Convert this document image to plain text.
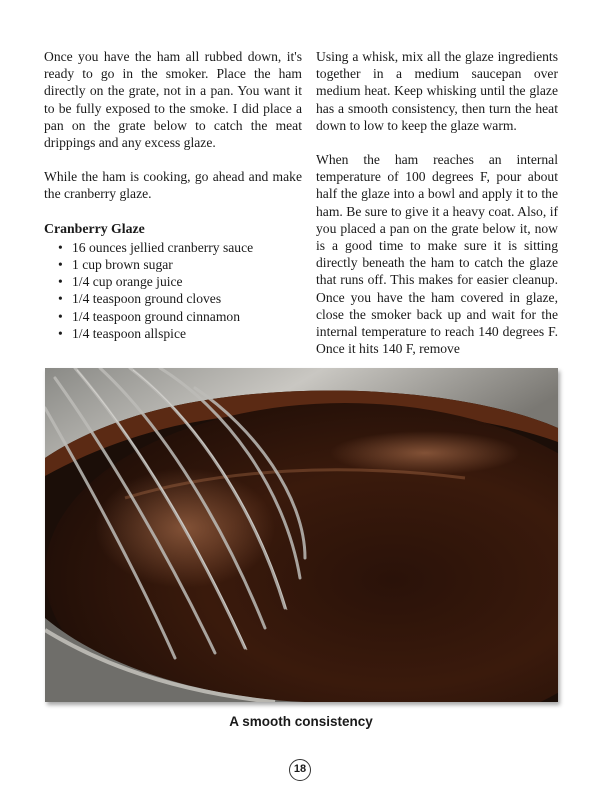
Once you have the ham all rubbed down, it's ready to go in the smoker. Place the ham directly on the grate, not in a pan. You want it to be fully exposed to the smoke. I did place a pan on the grate below to catch the meat drippings and any excess glaze.

While the ham is cooking, go ahead and make the cranberry glaze.

Cranberry Glaze
• 16 ounces jellied cranberry sauce
• 1 cup brown sugar
• 1/4 cup orange juice
• 1/4 teaspoon ground cloves
• 1/4 teaspoon ground cinnamon
• 1/4 teaspoon allspice

Using a whisk, mix all the glaze ingredients together in a medium saucepan over medium heat. Keep whisking until the glaze has a smooth consistency, then turn the heat down to low to keep the glaze warm.

When the ham reaches an internal temperature of 100 degrees F, pour about half the glaze into a bowl and apply it to the ham. Be sure to give it a heavy coat. Also, if you placed a pan on the grate below it, now is a good time to make sure it is sitting directly beneath the ham to catch the glaze that runs off. This makes for easier cleanup. Once you have the ham covered in glaze, close the smoker back up and wait for the internal temperature to reach 140 degrees F. Once it hits 140 F, remove

A smooth consistency
18
